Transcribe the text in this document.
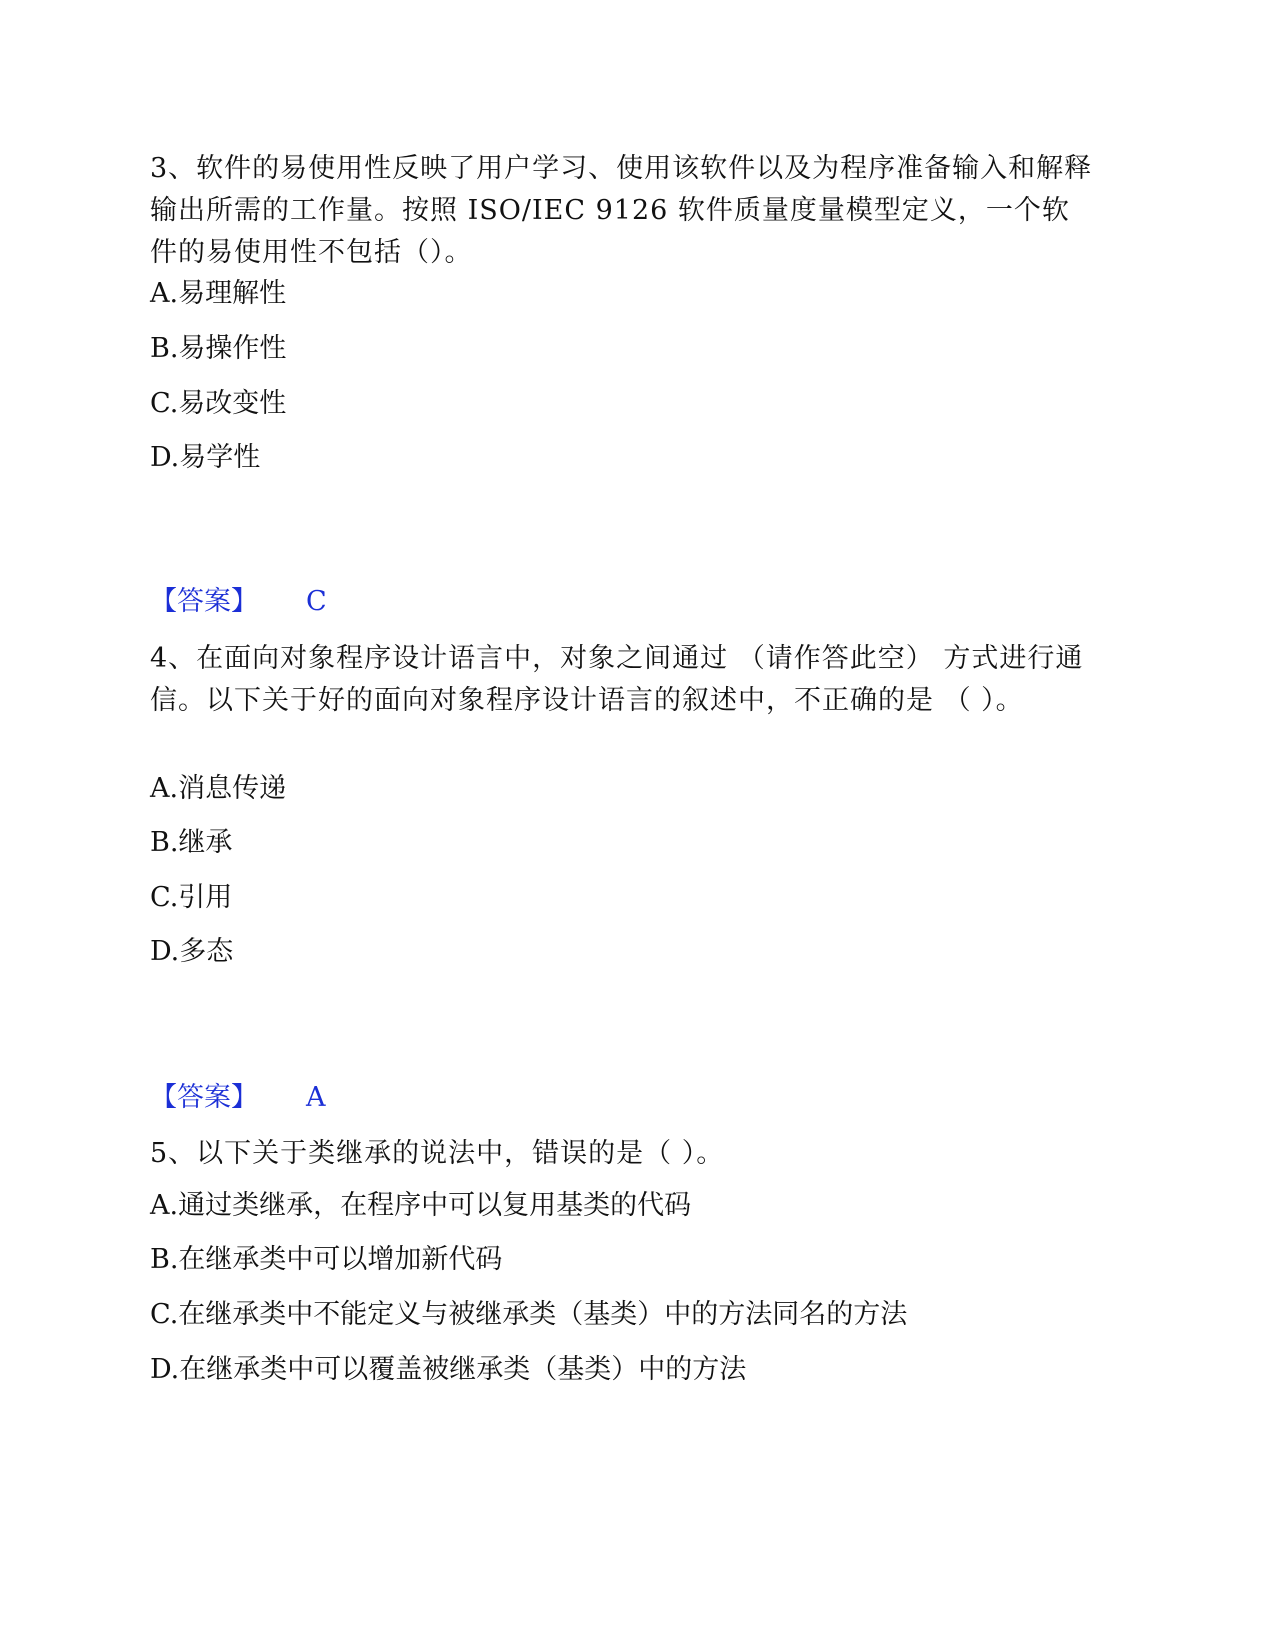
3、软件的易使用性反映了用户学习、使用该软件以及为程序准备输入和解释输出所需的工作量。按照 ISO/IEC 9126 软件质量度量模型定义，一个软件的易使用性不包括（）。

A.易理解性

B.易操作性

C.易改变性

D.易学性

【答案】 C

4、在面向对象程序设计语言中，对象之间通过 （请作答此空） 方式进行通信。以下关于好的面向对象程序设计语言的叙述中，不正确的是 （ ）。

A.消息传递

B.继承

C.引用

D.多态

【答案】 A

5、以下关于类继承的说法中，错误的是（ ）。

A.通过类继承，在程序中可以复用基类的代码

B.在继承类中可以增加新代码

C.在继承类中不能定义与被继承类（基类）中的方法同名的方法

D.在继承类中可以覆盖被继承类（基类）中的方法
